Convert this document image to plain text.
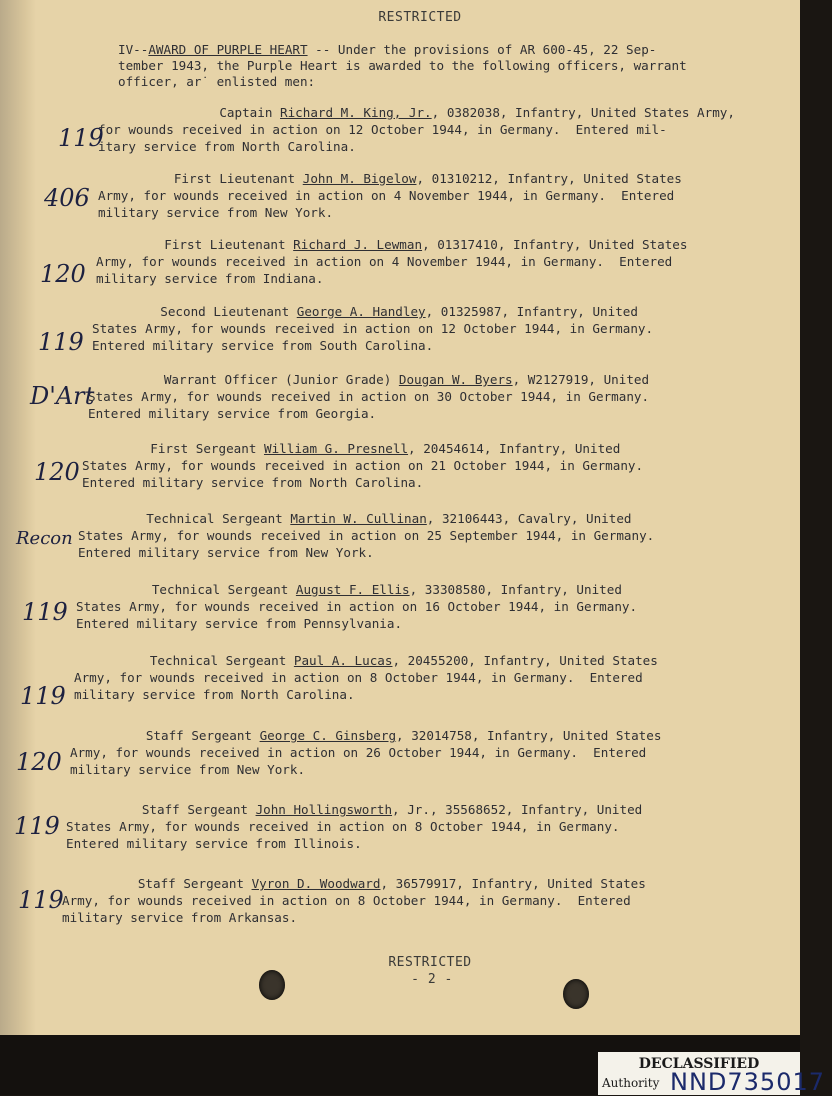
RESTRICTED
IV--AWARD OF PURPLE HEART -- Under the provisions of AR 600-45, 22 Sep-
tember 1943, the Purple Heart is awarded to the following officers, warrant
officer, ar˙ enlisted men:
Captain Richard M. King, Jr., 0382038, Infantry, United States Army,
for wounds received in action on 12 October 1944, in Germany.  Entered mil-
itary service from North Carolina.
119
First Lieutenant John M. Bigelow, 01310212, Infantry, United States
Army, for wounds received in action on 4 November 1944, in Germany.  Entered
military service from New York.
406
First Lieutenant Richard J. Lewman, 01317410, Infantry, United States
Army, for wounds received in action on 4 November 1944, in Germany.  Entered
military service from Indiana.
120
Second Lieutenant George A. Handley, 01325987, Infantry, United
States Army, for wounds received in action on 12 October 1944, in Germany.
Entered military service from South Carolina.
119
Warrant Officer (Junior Grade) Dougan W. Byers, W2127919, United
States Army, for wounds received in action on 30 October 1944, in Germany.
Entered military service from Georgia.
D'Art
First Sergeant William G. Presnell, 20454614, Infantry, United
States Army, for wounds received in action on 21 October 1944, in Germany.
Entered military service from North Carolina.
120
Technical Sergeant Martin W. Cullinan, 32106443, Cavalry, United
States Army, for wounds received in action on 25 September 1944, in Germany.
Entered military service from New York.
Recon
Technical Sergeant August F. Ellis, 33308580, Infantry, United
States Army, for wounds received in action on 16 October 1944, in Germany.
Entered military service from Pennsylvania.
119
Technical Sergeant Paul A. Lucas, 20455200, Infantry, United States
Army, for wounds received in action on 8 October 1944, in Germany.  Entered
military service from North Carolina.
119
Staff Sergeant George C. Ginsberg, 32014758, Infantry, United States
Army, for wounds received in action on 26 October 1944, in Germany.  Entered
military service from New York.
120
Staff Sergeant John Hollingsworth, Jr., 35568652, Infantry, United
States Army, for wounds received in action on 8 October 1944, in Germany.
Entered military service from Illinois.
119
Staff Sergeant Vyron D. Woodward, 36579917, Infantry, United States
Army, for wounds received in action on 8 October 1944, in Germany.  Entered
military service from Arkansas.
119
RESTRICTED
- 2 -
DECLASSIFIED
Authority NND735017
